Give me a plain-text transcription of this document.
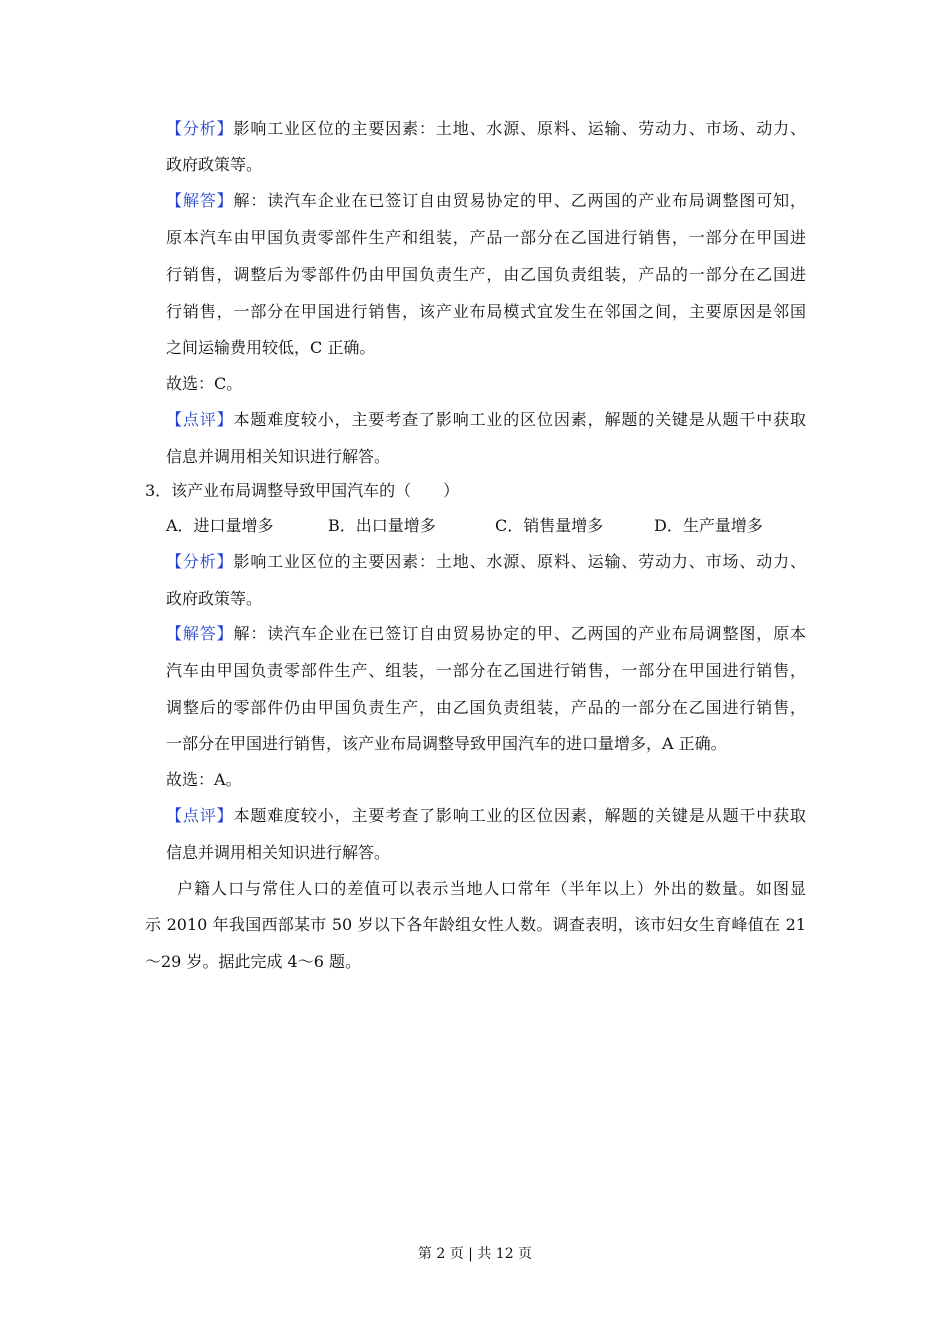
【分析】影响工业区位的主要因素：土地、水源、原料、运输、劳动力、市场、动力、
政府政策等。
【解答】解：读汽车企业在已签订自由贸易协定的甲、乙两国的产业布局调整图可知，
原本汽车由甲国负责零部件生产和组装，产品一部分在乙国进行销售，一部分在甲国进
行销售，调整后为零部件仍由甲国负责生产，由乙国负责组装，产品的一部分在乙国进
行销售，一部分在甲国进行销售，该产业布局模式宜发生在邻国之间，主要原因是邻国
之间运输费用较低，C 正确。
故选：C。
【点评】本题难度较小，主要考查了影响工业的区位因素，解题的关键是从题干中获取
信息并调用相关知识进行解答。
3．该产业布局调整导致甲国汽车的（　　）
A．进口量增多	B．出口量增多	C．销售量增多	D．生产量增多
【分析】影响工业区位的主要因素：土地、水源、原料、运输、劳动力、市场、动力、
政府政策等。
【解答】解：读汽车企业在已签订自由贸易协定的甲、乙两国的产业布局调整图，原本
汽车由甲国负责零部件生产、组装，一部分在乙国进行销售，一部分在甲国进行销售，
调整后的零部件仍由甲国负责生产，由乙国负责组装，产品的一部分在乙国进行销售，
一部分在甲国进行销售，该产业布局调整导致甲国汽车的进口量增多，A 正确。
故选：A。
【点评】本题难度较小，主要考查了影响工业的区位因素，解题的关键是从题干中获取
信息并调用相关知识进行解答。
户籍人口与常住人口的差值可以表示当地人口常年（半年以上）外出的数量。如图显
示 2010 年我国西部某市 50 岁以下各年龄组女性人数。调查表明，该市妇女生育峰值在 21
～29 岁。据此完成 4～6 题。
第 2 页 | 共 12 页
